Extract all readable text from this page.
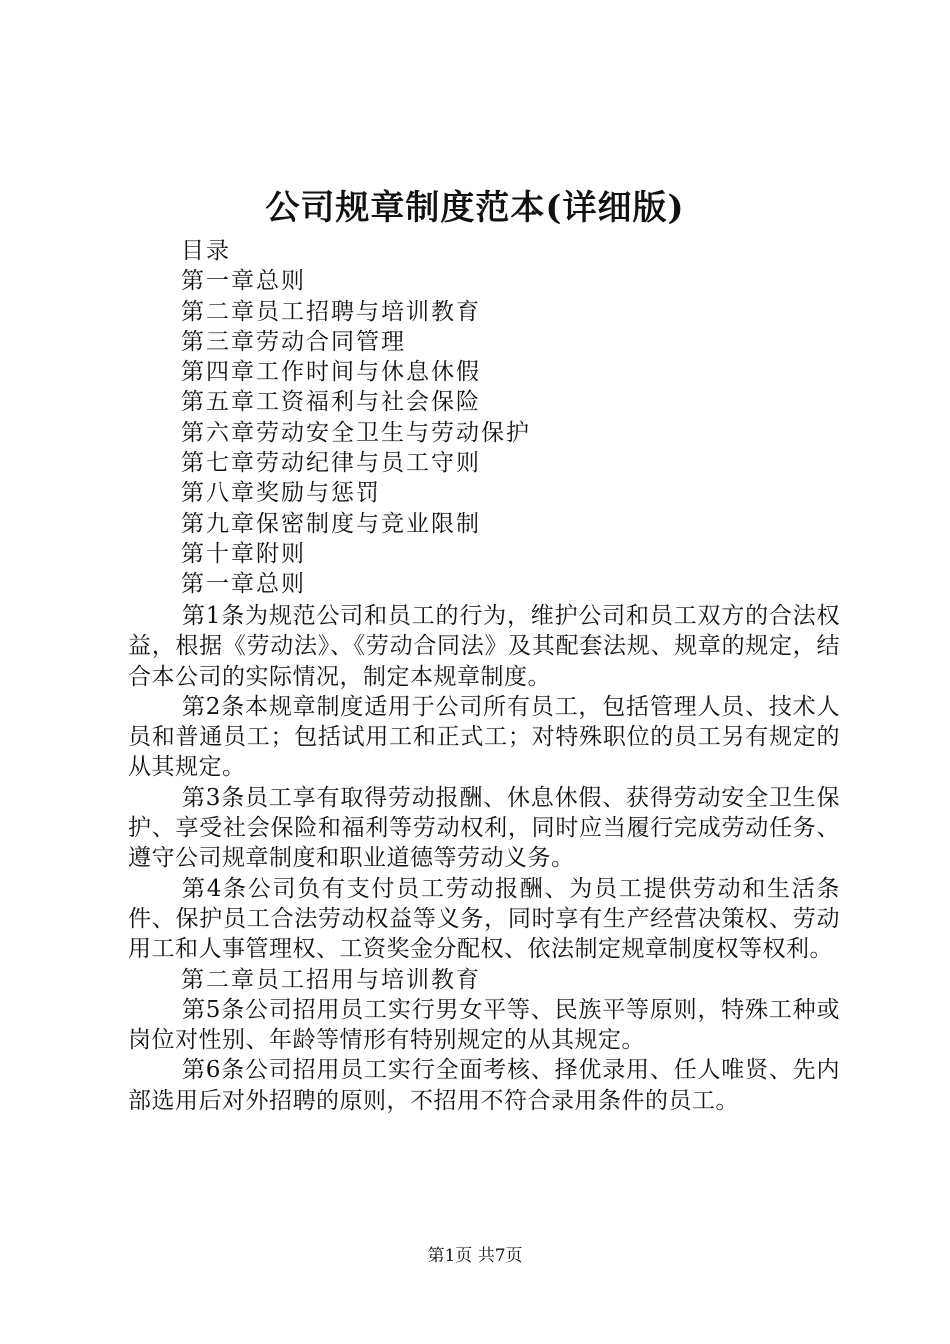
公司规章制度范本(详细版)
目录
第一章总则
第二章员工招聘与培训教育
第三章劳动合同管理
第四章工作时间与休息休假
第五章工资福利与社会保险
第六章劳动安全卫生与劳动保护
第七章劳动纪律与员工守则
第八章奖励与惩罚
第九章保密制度与竞业限制
第十章附则
第一章总则

第1条为规范公司和员工的行为，维护公司和员工双方的合法权益，根据《劳动法》、《劳动合同法》及其配套法规、规章的规定，结合本公司的实际情况，制定本规章制度。

第2条本规章制度适用于公司所有员工，包括管理人员、技术人员和普通员工；包括试用工和正式工；对特殊职位的员工另有规定的从其规定。

第3条员工享有取得劳动报酬、休息休假、获得劳动安全卫生保护、享受社会保险和福利等劳动权利，同时应当履行完成劳动任务、遵守公司规章制度和职业道德等劳动义务。

第4条公司负有支付员工劳动报酬、为员工提供劳动和生活条件、保护员工合法劳动权益等义务，同时享有生产经营决策权、劳动用工和人事管理权、工资奖金分配权、依法制定规章制度权等权利。

第二章员工招用与培训教育

第5条公司招用员工实行男女平等、民族平等原则，特殊工种或岗位对性别、年龄等情形有特别规定的从其规定。

第6条公司招用员工实行全面考核、择优录用、任人唯贤、先内部选用后对外招聘的原则，不招用不符合录用条件的员工。

第1页 共7页
